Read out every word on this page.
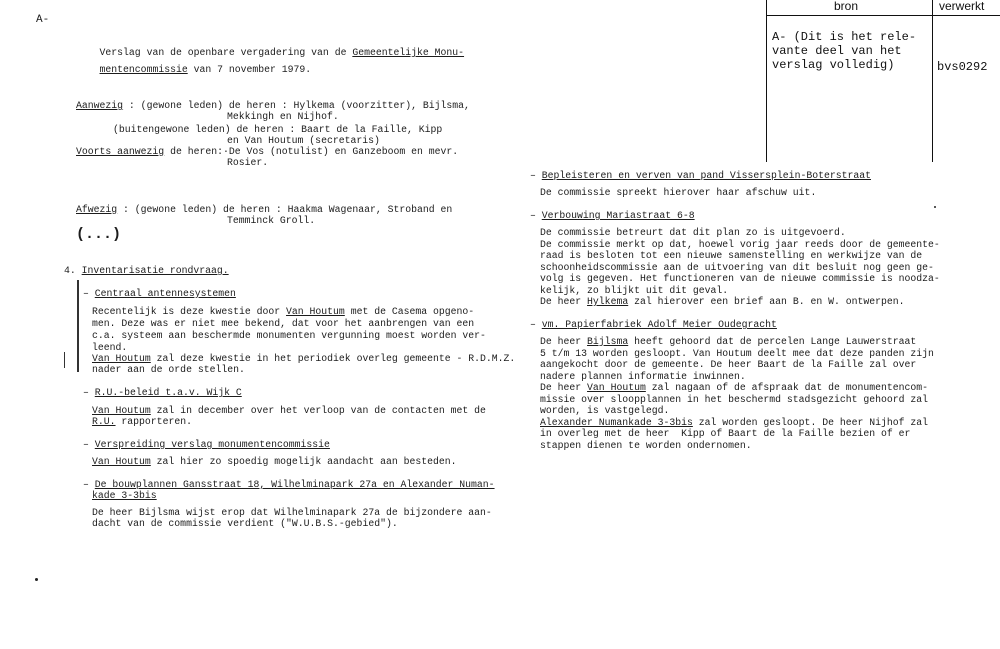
A-

Verslag van de openbare vergadering van de Gemeentelijke Monu-

mentencommissie van 7 november 1979.

Aanwezig : (gewone leden) de heren : Hylkema (voorzitter), Bijlsma,
Mekkingh en Nijhof.
(buitengewone leden) de heren : Baart de la Faille, Kipp
en Van Houtum (secretaris)
Voorts aanwezig de heren:·De Vos (notulist) en Ganzeboom en mevr.
Rosier.
Afwezig : (gewone leden) de heren : Haakma Wagenaar, Stroband en
Temminck Groll.
(...)
4. Inventarisatie rondvraag.
– Centraal antennesystemen
Recentelijk is deze kwestie door Van Houtum met de Casema opgeno-
men. Deze was er niet mee bekend, dat voor het aanbrengen van een
c.a. systeem aan beschermde monumenten vergunning moest worden ver-
leend.
Van Houtum zal deze kwestie in het periodiek overleg gemeente - R.D.M.Z.
nader aan de orde stellen.
– R.U.-beleid t.a.v. Wijk C
Van Houtum zal in december over het verloop van de contacten met de
R.U. rapporteren.
– Verspreiding verslag monumentencommissie
Van Houtum zal hier zo spoedig mogelijk aandacht aan besteden.
– De bouwplannen Gansstraat 18, Wilhelminapark 27a en Alexander Numan-
kade 3-3bis
De heer Bijlsma wijst erop dat Wilhelminapark 27a de bijzondere aan-
dacht van de commissie verdient ("W.U.B.S.-gebied").
– Bepleisteren en verven van pand Vissersplein-Boterstraat
De commissie spreekt hierover haar afschuw uit.
– Verbouwing Mariastraat 6-8
De commissie betreurt dat dit plan zo is uitgevoerd.
De commissie merkt op dat, hoewel vorig jaar reeds door de gemeente-
raad is besloten tot een nieuwe samenstelling en werkwijze van de
schoonheidscommissie aan de uitvoering van dit besluit nog geen ge-
volg is gegeven. Het functioneren van de nieuwe commissie is noodza-
kelijk, zo blijkt uit dit geval.
De heer Hylkema zal hierover een brief aan B. en W. ontwerpen.
– vm. Papierfabriek Adolf Meier Oudegracht
De heer Bijlsma heeft gehoord dat de percelen Lange Lauwerstraat
5 t/m 13 worden gesloopt. Van Houtum deelt mee dat deze panden zijn
aangekocht door de gemeente. De heer Baart de la Faille zal over
nadere plannen informatie inwinnen.
De heer Van Houtum zal nagaan of de afspraak dat de monumentencom-
missie over sloopplannen in het beschermd stadsgezicht gehoord zal
worden, is vastgelegd.
Alexander Numankade 3-3bis zal worden gesloopt. De heer Nijhof zal
in overleg met de heer  Kipp of Baart de la Faille bezien of er
stappen dienen te worden ondernomen.
bron	verwerkt
A- (Dit is het rele-
vante deel van het
verslag volledig)	bvs0292
